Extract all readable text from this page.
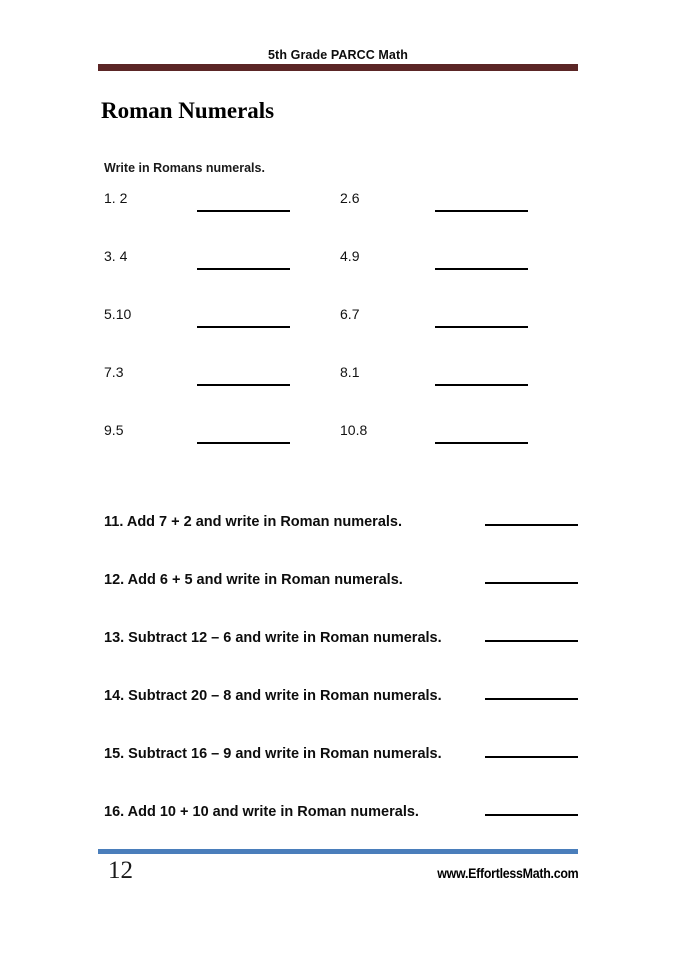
5th Grade PARCC Math
Roman Numerals
Write in Romans numerals.
1. 2	2. 6
3. 4	4. 9
5. 10	6. 7
7. 3	8. 1
9. 5	10. 8
11. Add 7 + 2 and write in Roman numerals.
12. Add 6 + 5 and write in Roman numerals.
13. Subtract 12 – 6 and write in Roman numerals.
14. Subtract 20 – 8 and write in Roman numerals.
15. Subtract 16 – 9 and write in Roman numerals.
16. Add 10 + 10 and write in Roman numerals.
12	www.EffortlessMath.com
